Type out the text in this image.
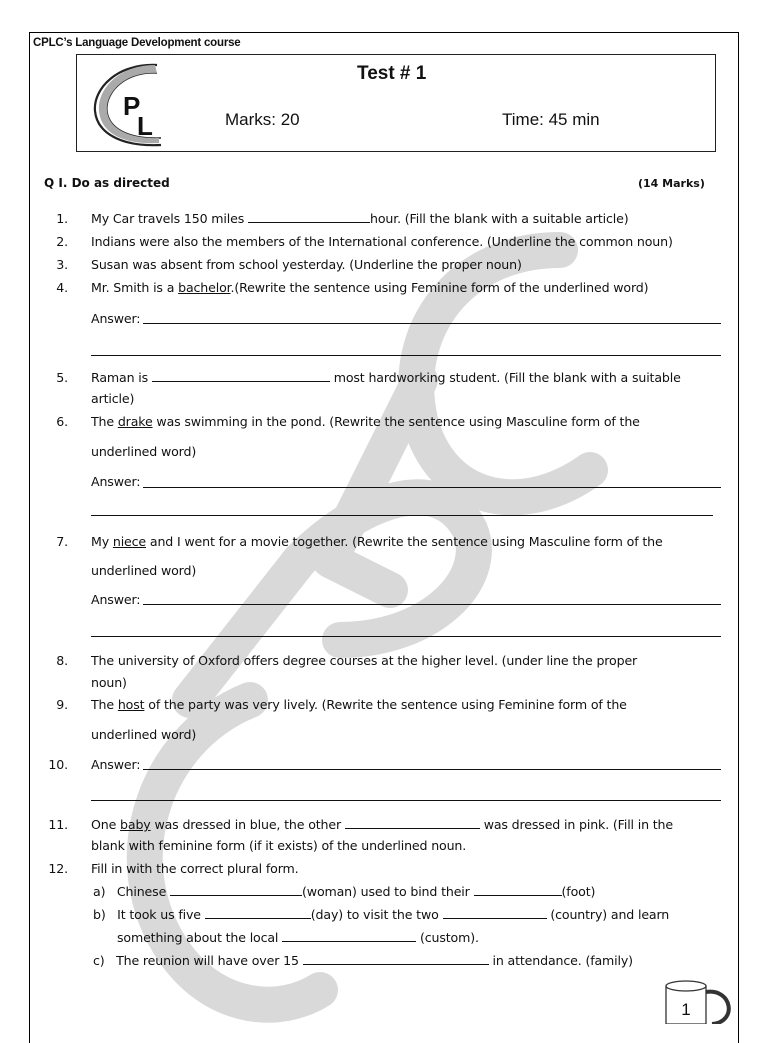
CPLC’s Language Development course
P
L
Test # 1
Marks: 20	Time: 45 min
Q I. Do as directed	(14 Marks)
1. My Car travels 150 miles	hour. (Fill the blank with a suitable article)
2. Indians were also the members of the International conference. (Underline the common noun)
3. Susan was absent from school yesterday. (Underline the proper noun)
4. Mr. Smith is a bachelor.(Rewrite the sentence using Feminine form of the underlined word)
Answer:
5. Raman is	most hardworking student. (Fill the blank with a suitable
article)
6. The drake was swimming in the pond. (Rewrite the sentence using Masculine form of the
underlined word)
Answer:
7. My niece and I went for a movie together. (Rewrite the sentence using Masculine form of the
underlined word)
Answer:
8. The university of Oxford offers degree courses at the higher level. (under line the proper
noun)
9. The host of the party was very lively. (Rewrite the sentence using Feminine form of the
underlined word)
10. Answer:
11. One baby was dressed in blue, the other	was dressed in pink. (Fill in the
blank with feminine form (if it exists) of the underlined noun.
12. Fill in with the correct plural form.
a) Chinese	(woman) used to bind their	(foot)
b) It took us five	(day) to visit the two	(country) and learn
something about the local	(custom).
c) The reunion will have over 15	in attendance. (family)
1
